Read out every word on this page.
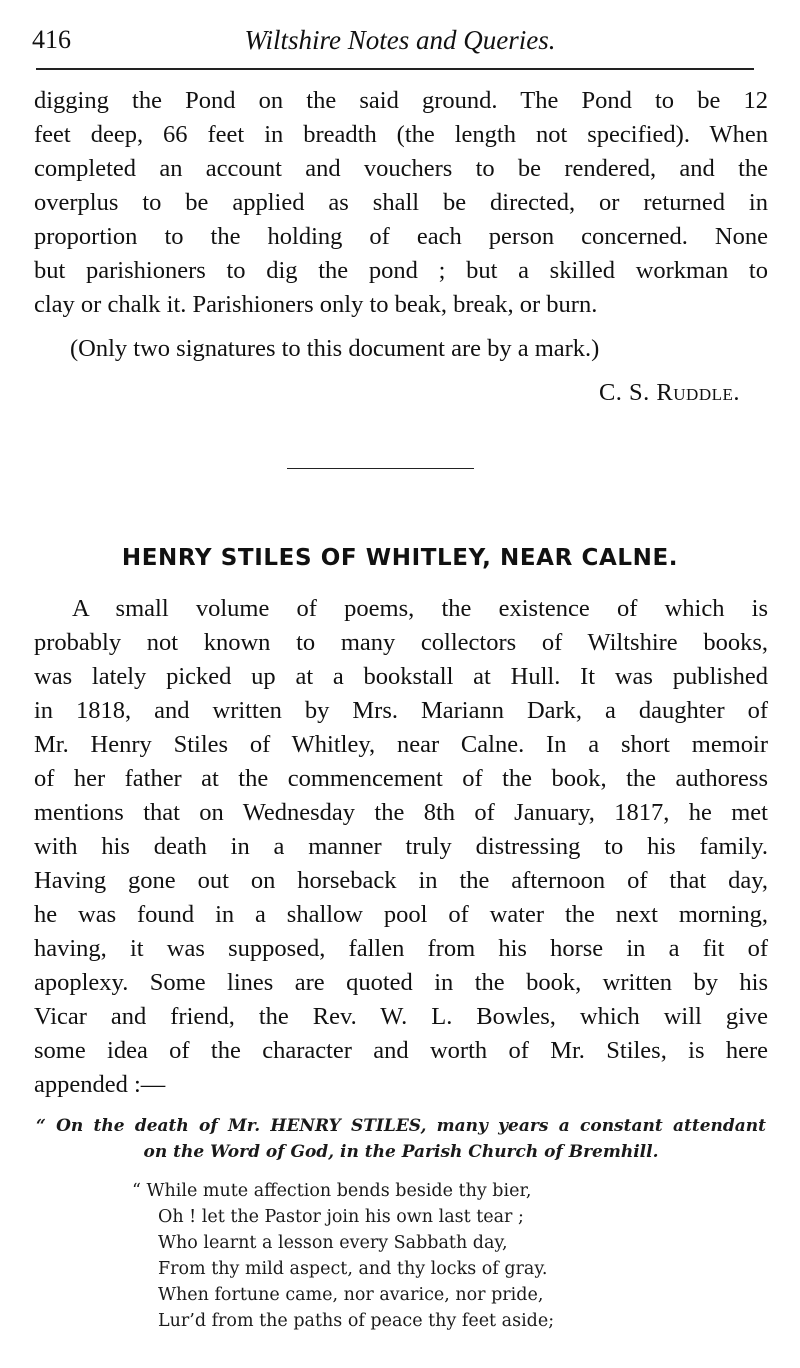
416	Wiltshire Notes and Queries.
digging the Pond on the said ground. The Pond to be 12
feet deep, 66 feet in breadth (the length not specified). When
completed an account and vouchers to be rendered, and the
overplus to be applied as shall be directed, or returned in
proportion to the holding of each person concerned. None
but parishioners to dig the pond ; but a skilled workman to
clay or chalk it. Parishioners only to beak, break, or burn.
(Only two signatures to this document are by a mark.)
C. S. Ruddle.
HENRY STILES OF WHITLEY, NEAR CALNE.
A small volume of poems, the existence of which is
probably not known to many collectors of Wiltshire books,
was lately picked up at a bookstall at Hull. It was published
in 1818, and written by Mrs. Mariann Dark, a daughter of
Mr. Henry Stiles of Whitley, near Calne. In a short memoir
of her father at the commencement of the book, the authoress
mentions that on Wednesday the 8th of January, 1817, he met
with his death in a manner truly distressing to his family.
Having gone out on horseback in the afternoon of that day,
he was found in a shallow pool of water the next morning,
having, it was supposed, fallen from his horse in a fit of
apoplexy. Some lines are quoted in the book, written by his
Vicar and friend, the Rev. W. L. Bowles, which will give
some idea of the character and worth of Mr. Stiles, is here
appended :—
“ On the death of Mr. HENRY STILES, many years a constant attendant
on the Word of God, in the Parish Church of Bremhill.
“ While mute affection bends beside thy bier,
Oh ! let the Pastor join his own last tear ;
Who learnt a lesson every Sabbath day,
From thy mild aspect, and thy locks of gray.
When fortune came, nor avarice, nor pride,
Lur’d from the paths of peace thy feet aside;
